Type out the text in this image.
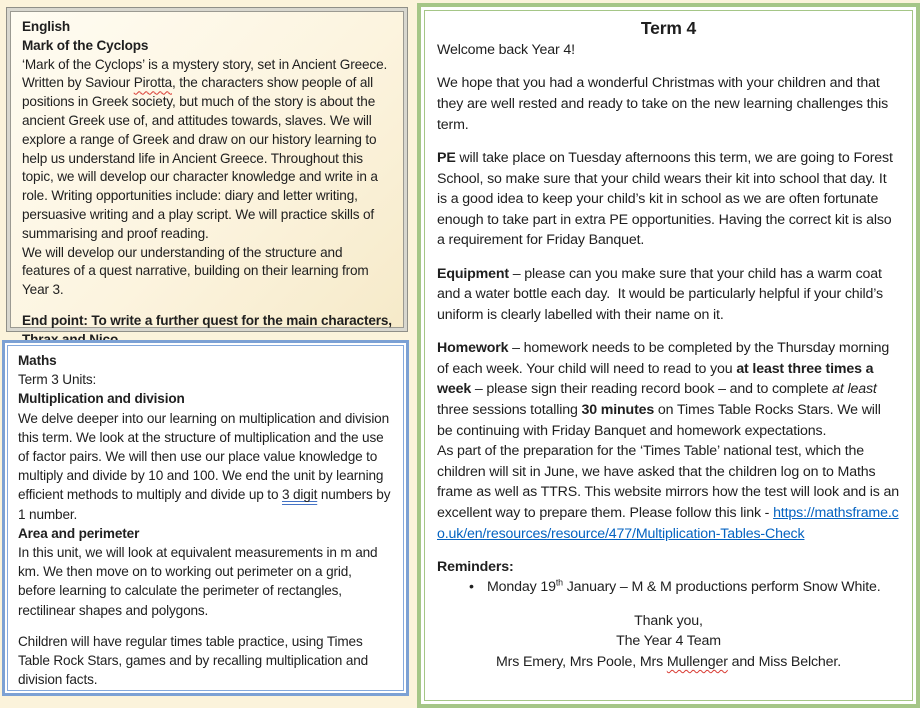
English
Mark of the Cyclops
‘Mark of the Cyclops’ is a mystery story, set in Ancient Greece. Written by Saviour Pirotta, the characters show people of all positions in Greek society, but much of the story is about the ancient Greek use of, and attitudes towards, slaves. We will explore a range of Greek and draw on our history learning to help us understand life in Ancient Greece. Throughout this topic, we will develop our character knowledge and write in a role. Writing opportunities include: diary and letter writing, persuasive writing and a play script. We will practice skills of summarising and proof reading.
We will develop our understanding of the structure and features of a quest narrative, building on their learning from Year 3.
End point: To write a further quest for the main characters,
Maths
Term 3 Units:
Multiplication and division
We delve deeper into our learning on multiplication and division this term. We look at the structure of multiplication and the use of factor pairs. We will then use our place value knowledge to multiply and divide by 10 and 100. We end the unit by learning efficient methods to multiply and divide up to 3 digit numbers by 1 number.
Area and perimeter
In this unit, we will look at equivalent measurements in m and km. We then move on to working out perimeter on a grid, before learning to calculate the perimeter of rectangles, rectilinear shapes and polygons.
Children will have regular times table practice, using Times Table Rock Stars, games and by recalling multiplication and division facts.
Term 4
Welcome back Year 4!
We hope that you had a wonderful Christmas with your children and that they are well rested and ready to take on the new learning challenges this term.
PE will take place on Tuesday afternoons this term, we are going to Forest School, so make sure that your child wears their kit into school that day. It is a good idea to keep your child’s kit in school as we are often fortunate enough to take part in extra PE opportunities. Having the correct kit is also a requirement for Friday Banquet.
Equipment – please can you make sure that your child has a warm coat and a water bottle each day.  It would be particularly helpful if your child’s uniform is clearly labelled with their name on it.
Homework – homework needs to be completed by the Thursday morning of each week. Your child will need to read to you at least three times a week – please sign their reading record book – and to complete at least three sessions totalling 30 minutes on Times Table Rocks Stars. We will be continuing with Friday Banquet and homework expectations.
As part of the preparation for the ‘Times Table’ national test, which the children will sit in June, we have asked that the children log on to Maths frame as well as TTRS. This website mirrors how the test will look and is an excellent way to prepare them. Please follow this link - https://mathsframe.co.uk/en/resources/resource/477/Multiplication-Tables-Check
Reminders:
• Monday 19th January – M & M productions perform Snow White.
Thank you,
The Year 4 Team
Mrs Emery, Mrs Poole, Mrs Mullenger and Miss Belcher.
